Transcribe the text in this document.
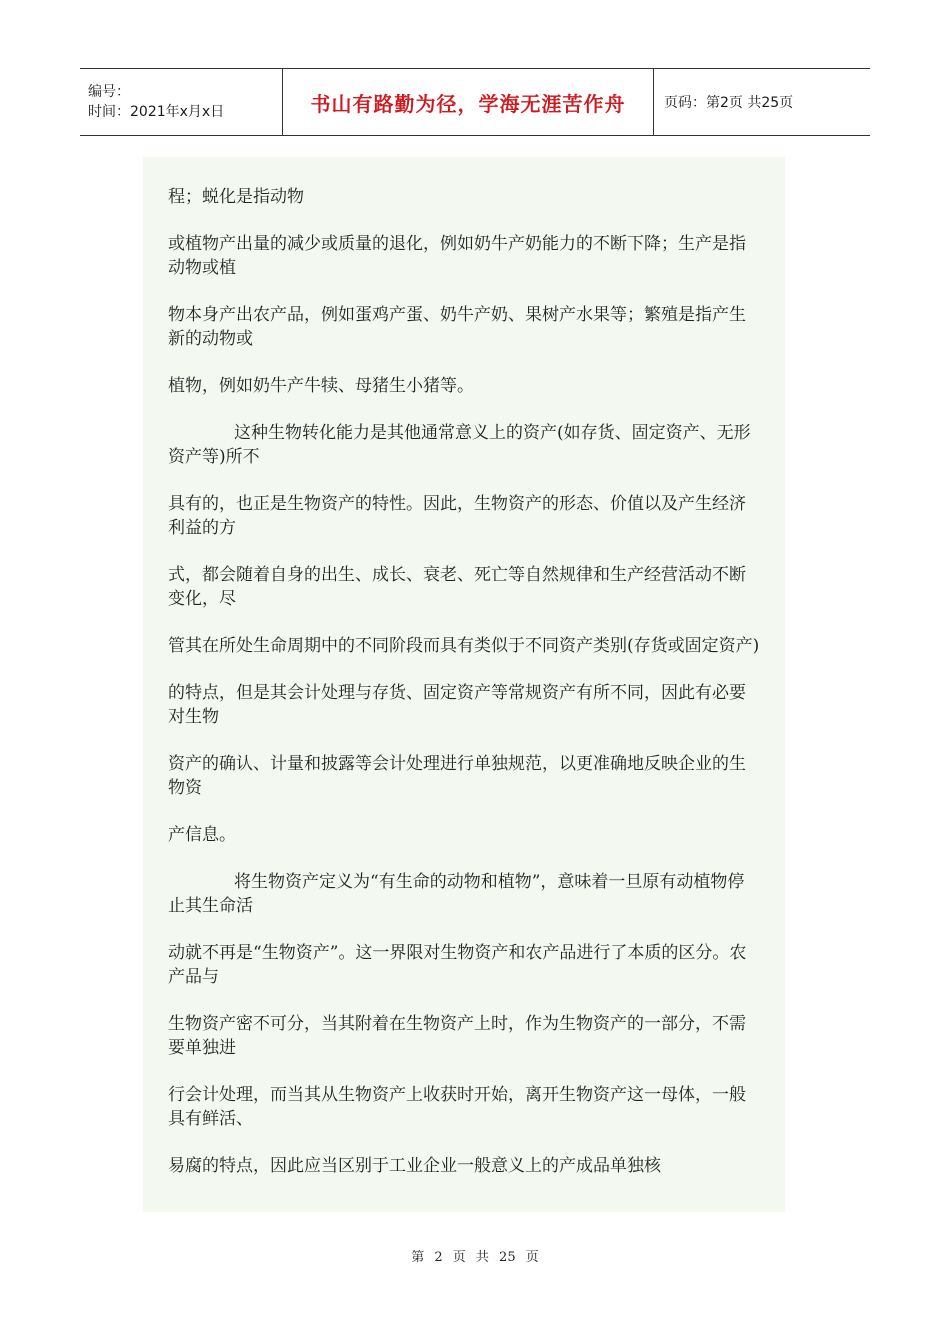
编号：
时间：2021年x月x日	书山有路勤为径，学海无涯苦作舟	页码：第2页 共25页

程；蜕化是指动物

或植物产出量的减少或质量的退化，例如奶牛产奶能力的不断下降；生产是指动物或植

物本身产出农产品，例如蛋鸡产蛋、奶牛产奶、果树产水果等；繁殖是指产生新的动物或

植物，例如奶牛产牛犊、母猪生小猪等。

这种生物转化能力是其他通常意义上的资产(如存货、固定资产、无形资产等)所不

具有的，也正是生物资产的特性。因此，生物资产的形态、价值以及产生经济利益的方

式，都会随着自身的出生、成长、衰老、死亡等自然规律和生产经营活动不断变化，尽

管其在所处生命周期中的不同阶段而具有类似于不同资产类别(存货或固定资产)

的特点，但是其会计处理与存货、固定资产等常规资产有所不同，因此有必要对生物

资产的确认、计量和披露等会计处理进行单独规范，以更准确地反映企业的生物资

产信息。

将生物资产定义为“有生命的动物和植物”，意味着一旦原有动植物停止其生命活

动就不再是“生物资产”。这一界限对生物资产和农产品进行了本质的区分。农产品与

生物资产密不可分，当其附着在生物资产上时，作为生物资产的一部分，不需要单独进

行会计处理，而当其从生物资产上收获时开始，离开生物资产这一母体，一般具有鲜活、

易腐的特点，因此应当区别于工业企业一般意义上的产成品单独核

第 2 页 共 25 页
